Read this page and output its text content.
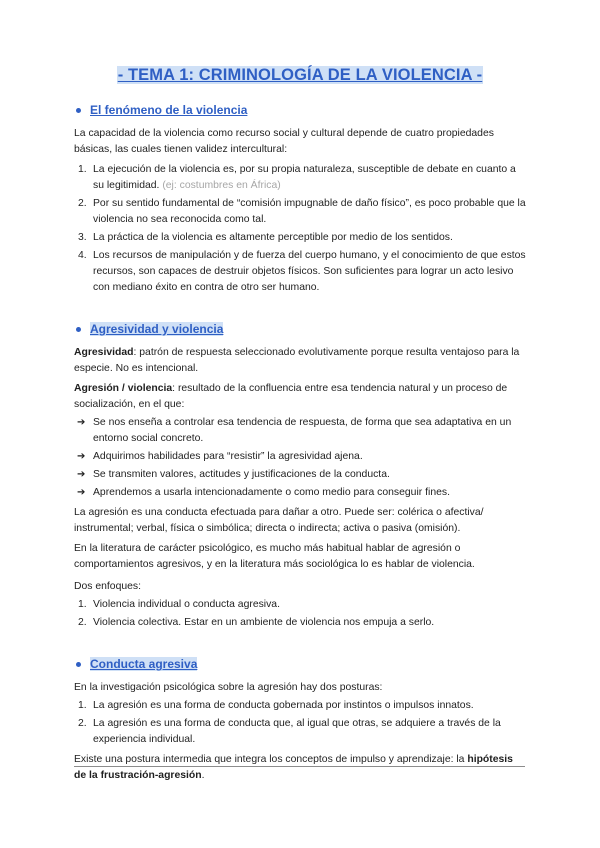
- TEMA 1: CRIMINOLOGÍA DE LA VIOLENCIA -
El fenómeno de la violencia

La capacidad de la violencia como recurso social y cultural depende de cuatro propiedades básicas, las cuales tienen validez intercultural:

1. La ejecución de la violencia es, por su propia naturaleza, susceptible de debate en cuanto a su legitimidad. (ej: costumbres en África)
2. Por su sentido fundamental de “comisión impugnable de daño físico”, es poco probable que la violencia no sea reconocida como tal.
3. La práctica de la violencia es altamente perceptible por medio de los sentidos.
4. Los recursos de manipulación y de fuerza del cuerpo humano, y el conocimiento de que estos recursos, son capaces de destruir objetos físicos. Son suficientes para lograr un acto lesivo con mediano éxito en contra de otro ser humano.
Agresividad y violencia

Agresividad: patrón de respuesta seleccionado evolutivamente porque resulta ventajoso para la especie. No es intencional.

Agresión / violencia: resultado de la confluencia entre esa tendencia natural y un proceso de socialización, en el que:

➔ Se nos enseña a controlar esa tendencia de respuesta, de forma que sea adaptativa en un entorno social concreto.
➔ Adquirimos habilidades para “resistir” la agresividad ajena.
➔ Se transmiten valores, actitudes y justificaciones de la conducta.
➔ Aprendemos a usarla intencionadamente o como medio para conseguir fines.

La agresión es una conducta efectuada para dañar a otro. Puede ser: colérica o afectiva/ instrumental; verbal, física o simbólica; directa o indirecta; activa o pasiva (omisión).

En la literatura de carácter psicológico, es mucho más habitual hablar de agresión o comportamientos agresivos, y en la literatura más sociológica lo es hablar de violencia.

Dos enfoques:

1. Violencia individual o conducta agresiva.
2. Violencia colectiva. Estar en un ambiente de violencia nos empuja a serlo.
Conducta agresiva

En la investigación psicológica sobre la agresión hay dos posturas:

1. La agresión es una forma de conducta gobernada por instintos o impulsos innatos.
2. La agresión es una forma de conducta que, al igual que otras, se adquiere a través de la experiencia individual.

Existe una postura intermedia que integra los conceptos de impulso y aprendizaje: la hipótesis de la frustración-agresión.
